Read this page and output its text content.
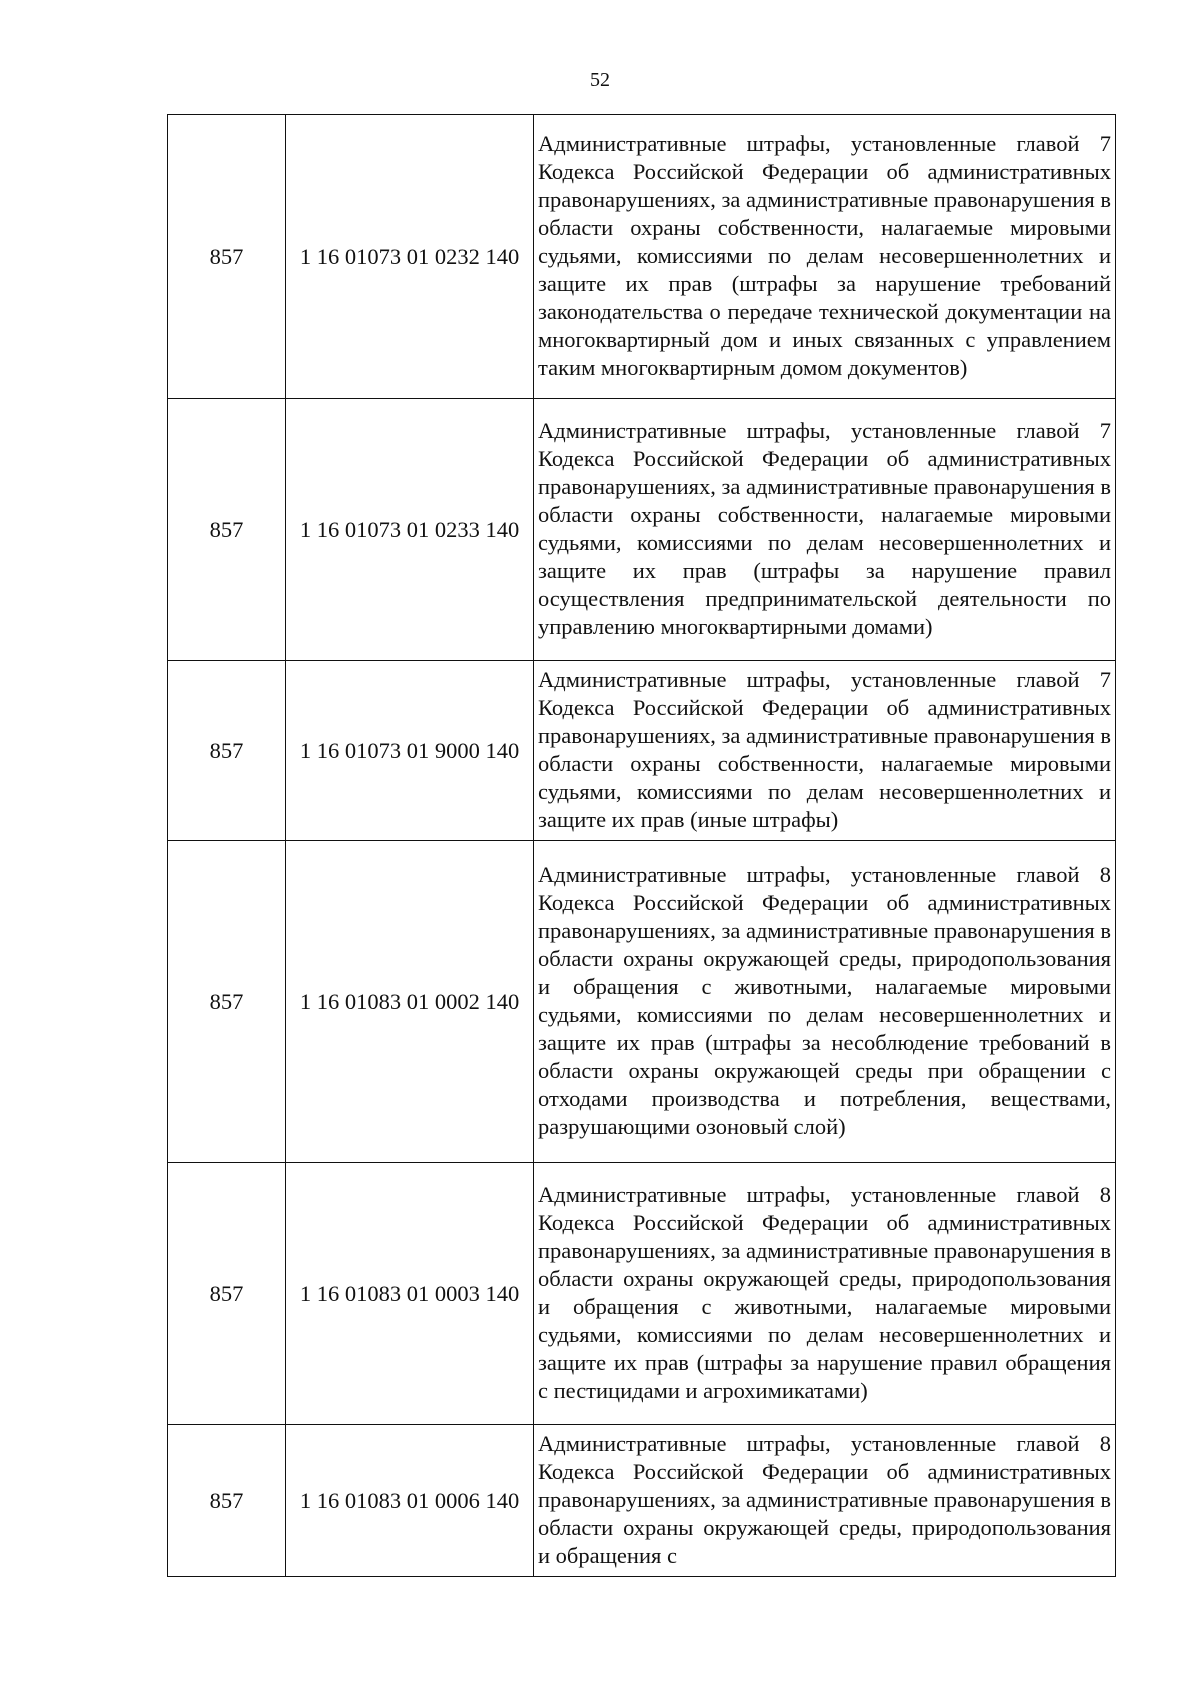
52
857	1 16 01073 01 0232 140	Административные штрафы, установленные главой 7 Кодекса Российской Федерации об административных правонарушениях, за административные правонарушения в области охраны собственности, налагаемые мировыми судьями, комиссиями по делам несовершеннолетних и защите их прав (штрафы за нарушение требований законодательства о передаче технической документации на многоквартирный дом и иных связанных с управлением таким многоквартирным домом документов)
857	1 16 01073 01 0233 140	Административные штрафы, установленные главой 7 Кодекса Российской Федерации об административных правонарушениях, за административные правонарушения в области охраны собственности, налагаемые мировыми судьями, комиссиями по делам несовершеннолетних и защите их прав (штрафы за нарушение правил осуществления предпринимательской деятельности по управлению многоквартирными домами)
857	1 16 01073 01 9000 140	Административные штрафы, установленные главой 7 Кодекса Российской Федерации об административных правонарушениях, за административные правонарушения в области охраны собственности, налагаемые мировыми судьями, комиссиями по делам несовершеннолетних и защите их прав (иные штрафы)
857	1 16 01083 01 0002 140	Административные штрафы, установленные главой 8 Кодекса Российской Федерации об административных правонарушениях, за административные правонарушения в области охраны окружающей среды, природопользования и обращения с животными, налагаемые мировыми судьями, комиссиями по делам несовершеннолетних и защите их прав (штрафы за несоблюдение требований в области охраны окружающей среды при обращении с отходами производства и потребления, веществами, разрушающими озоновый слой)
857	1 16 01083 01 0003 140	Административные штрафы, установленные главой 8 Кодекса Российской Федерации об административных правонарушениях, за административные правонарушения в области охраны окружающей среды, природопользования и обращения с животными, налагаемые мировыми судьями, комиссиями по делам несовершеннолетних и защите их прав (штрафы за нарушение правил обращения с пестицидами и агрохимикатами)
857	1 16 01083 01 0006 140	Административные штрафы, установленные главой 8 Кодекса Российской Федерации об административных правонарушениях, за административные правонарушения в области охраны окружающей среды, природопользования и обращения с
